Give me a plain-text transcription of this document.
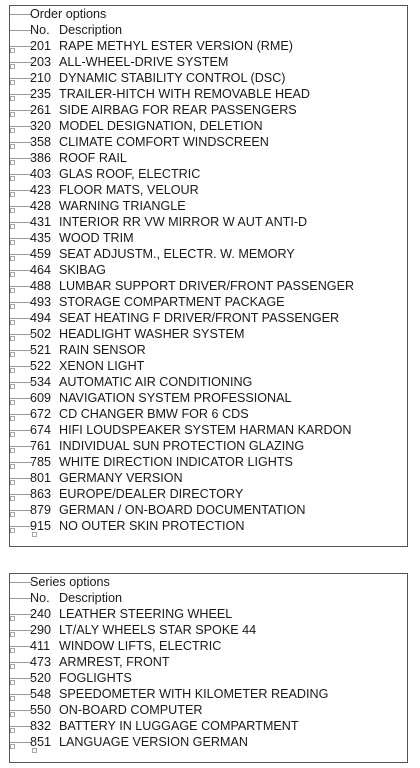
Order options
No. Description
201 RAPE METHYL ESTER VERSION (RME)
203 ALL-WHEEL-DRIVE SYSTEM
210 DYNAMIC STABILITY CONTROL (DSC)
235 TRAILER-HITCH WITH REMOVABLE HEAD
261 SIDE AIRBAG FOR REAR PASSENGERS
320 MODEL DESIGNATION, DELETION
358 CLIMATE COMFORT WINDSCREEN
386 ROOF RAIL
403 GLAS ROOF, ELECTRIC
423 FLOOR MATS, VELOUR
428 WARNING TRIANGLE
431 INTERIOR RR VW MIRROR W AUT ANTI-D
435 WOOD TRIM
459 SEAT ADJUSTM., ELECTR. W. MEMORY
464 SKIBAG
488 LUMBAR SUPPORT DRIVER/FRONT PASSENGER
493 STORAGE COMPARTMENT PACKAGE
494 SEAT HEATING F DRIVER/FRONT PASSENGER
502 HEADLIGHT WASHER SYSTEM
521 RAIN SENSOR
522 XENON LIGHT
534 AUTOMATIC AIR CONDITIONING
609 NAVIGATION SYSTEM PROFESSIONAL
672 CD CHANGER BMW FOR 6 CDS
674 HIFI LOUDSPEAKER SYSTEM HARMAN KARDON
761 INDIVIDUAL SUN PROTECTION GLAZING
785 WHITE DIRECTION INDICATOR LIGHTS
801 GERMANY VERSION
863 EUROPE/DEALER DIRECTORY
879 GERMAN / ON-BOARD DOCUMENTATION
915 NO OUTER SKIN PROTECTION
Series options
No. Description
240 LEATHER STEERING WHEEL
290 LT/ALY WHEELS STAR SPOKE 44
411 WINDOW LIFTS, ELECTRIC
473 ARMREST, FRONT
520 FOGLIGHTS
548 SPEEDOMETER WITH KILOMETER READING
550 ON-BOARD COMPUTER
832 BATTERY IN LUGGAGE COMPARTMENT
851 LANGUAGE VERSION GERMAN
